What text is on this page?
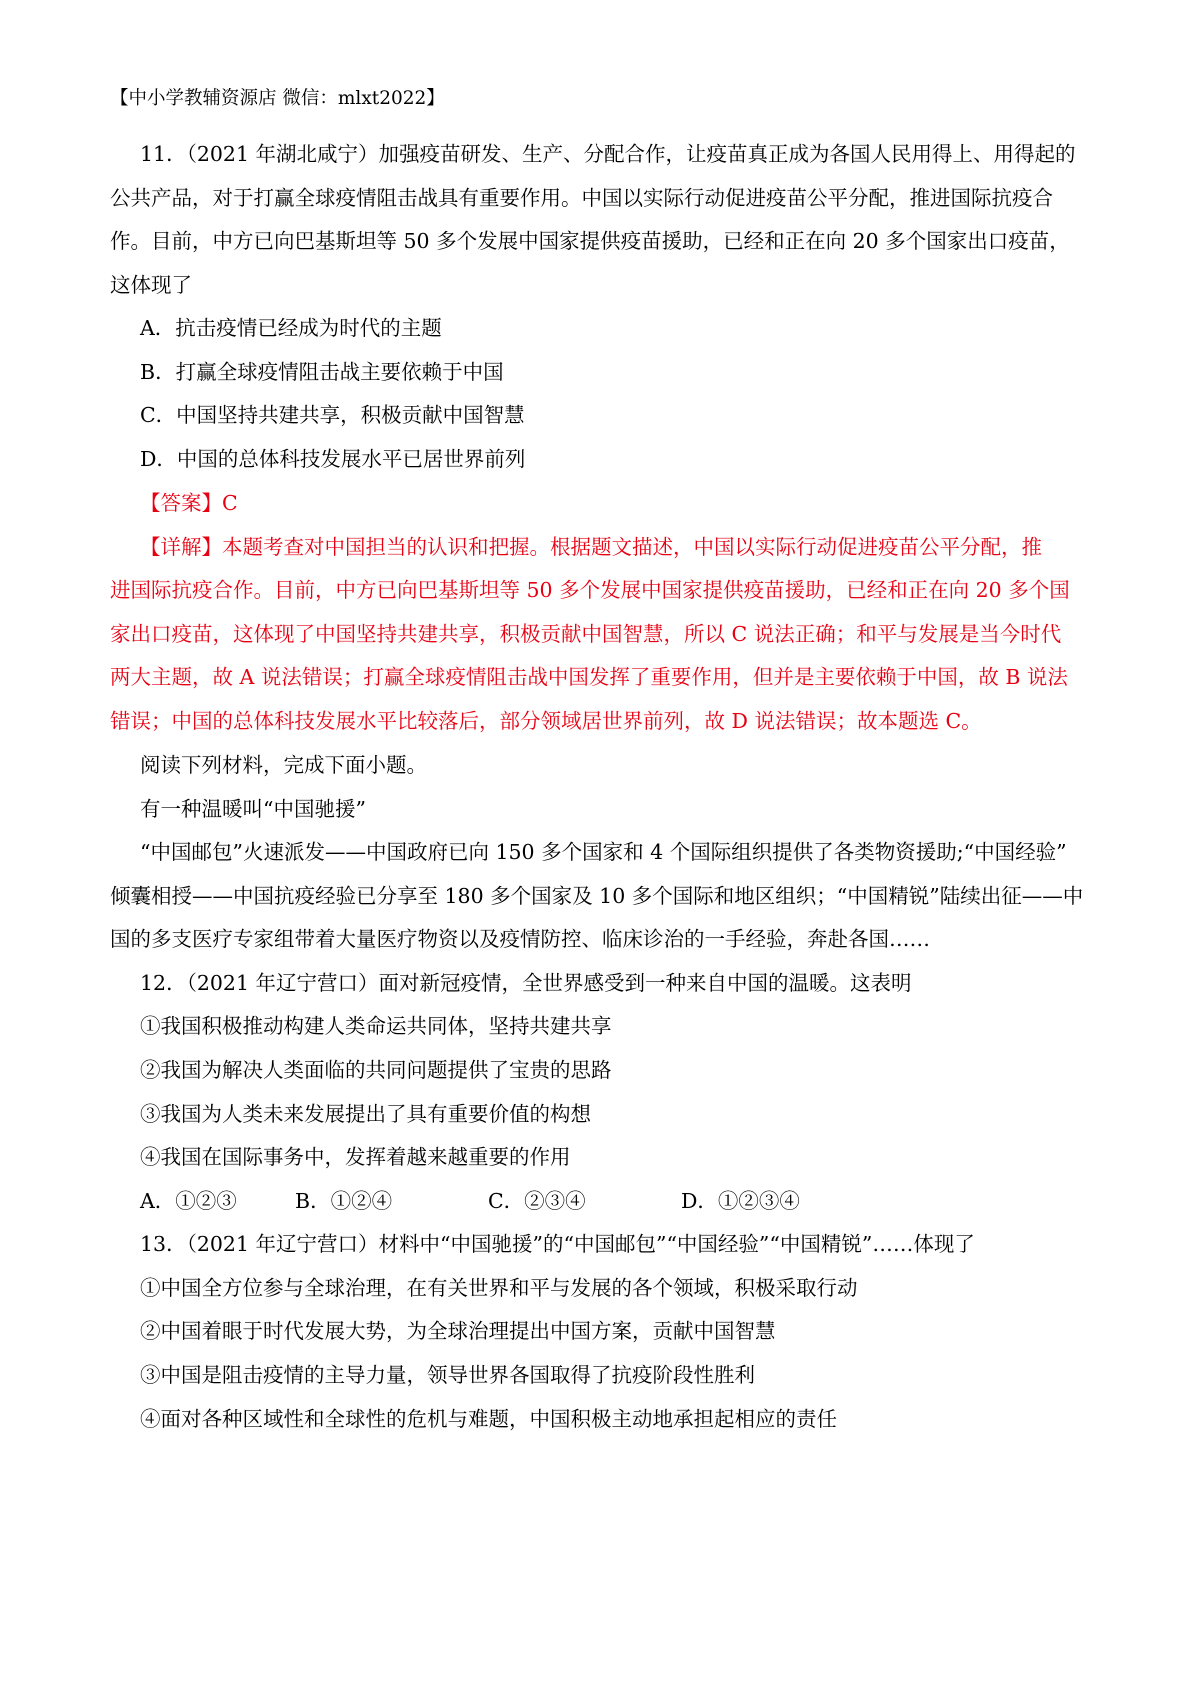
【中小学教辅资源店 微信：mlxt2022】
11．（2021 年湖北咸宁）加强疫苗研发、生产、分配合作，让疫苗真正成为各国人民用得上、用得起的
公共产品，对于打赢全球疫情阻击战具有重要作用。中国以实际行动促进疫苗公平分配，推进国际抗疫合
作。目前，中方已向巴基斯坦等 50 多个发展中国家提供疫苗援助，已经和正在向 20 多个国家出口疫苗，
这体现了
A．抗击疫情已经成为时代的主题
B．打赢全球疫情阻击战主要依赖于中国
C．中国坚持共建共享，积极贡献中国智慧
D．中国的总体科技发展水平已居世界前列
【答案】C
【详解】本题考查对中国担当的认识和把握。根据题文描述，中国以实际行动促进疫苗公平分配，推
进国际抗疫合作。目前，中方已向巴基斯坦等 50 多个发展中国家提供疫苗援助，已经和正在向 20 多个国
家出口疫苗，这体现了中国坚持共建共享，积极贡献中国智慧，所以 C 说法正确；和平与发展是当今时代
两大主题，故 A 说法错误；打赢全球疫情阻击战中国发挥了重要作用，但并是主要依赖于中国，故 B 说法
错误；中国的总体科技发展水平比较落后，部分领域居世界前列，故 D 说法错误；故本题选 C。
阅读下列材料，完成下面小题。
有一种温暖叫“中国驰援”
“中国邮包”火速派发——中国政府已向 150 多个国家和 4 个国际组织提供了各类物资援助;“中国经验”
倾囊相授——中国抗疫经验已分享至 180 多个国家及 10 多个国际和地区组织；“中国精锐”陆续出征——中
国的多支医疗专家组带着大量医疗物资以及疫情防控、临床诊治的一手经验，奔赴各国……
12．（2021 年辽宁营口）面对新冠疫情，全世界感受到一种来自中国的温暖。这表明
①我国积极推动构建人类命运共同体，坚持共建共享
②我国为解决人类面临的共同问题提供了宝贵的思路
③我国为人类未来发展提出了具有重要价值的构想
④我国在国际事务中，发挥着越来越重要的作用
A．①②③	B．①②④	C．②③④	D．①②③④
13．（2021 年辽宁营口）材料中“中国驰援”的“中国邮包”“中国经验”“中国精锐”……体现了
①中国全方位参与全球治理，在有关世界和平与发展的各个领域，积极采取行动
②中国着眼于时代发展大势，为全球治理提出中国方案，贡献中国智慧
③中国是阻击疫情的主导力量，领导世界各国取得了抗疫阶段性胜利
④面对各种区域性和全球性的危机与难题，中国积极主动地承担起相应的责任
